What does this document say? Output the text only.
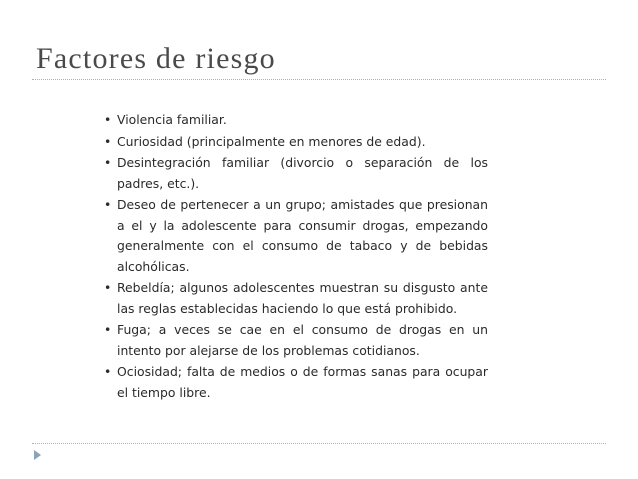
Factores de riesgo
• Violencia familiar.
• Curiosidad (principalmente en menores de edad).
• Desintegración familiar (divorcio o separación de los padres, etc.).
• Deseo de pertenecer a un grupo; amistades que presionan a el y la adolescente para consumir drogas, empezando generalmente con el consumo de tabaco y de bebidas alcohólicas.
• Rebeldía; algunos adolescentes muestran su disgusto ante las reglas establecidas haciendo lo que está prohibido.
• Fuga; a veces se cae en el consumo de drogas en un intento por alejarse de los problemas cotidianos.
• Ociosidad; falta de medios o de formas sanas para ocupar el tiempo libre.
